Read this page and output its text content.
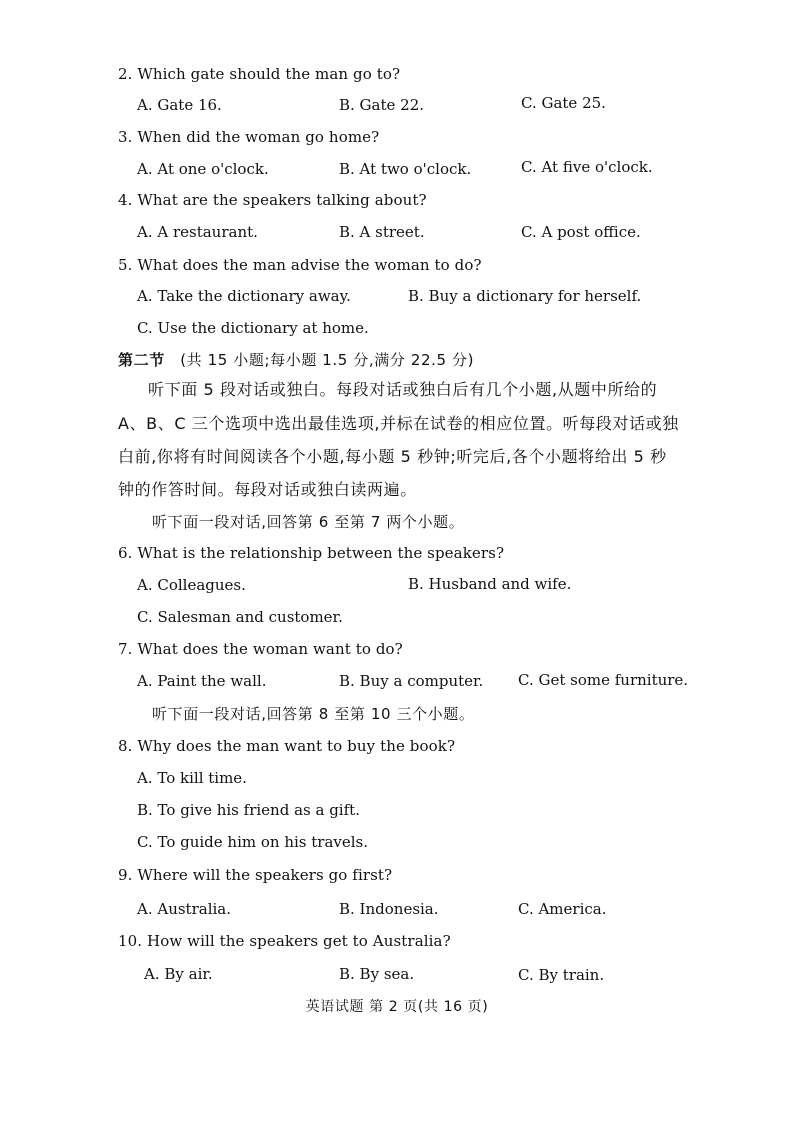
2. Which gate should the man go to?
A. Gate 16.	B. Gate 22.	C. Gate 25.
3. When did the woman go home?
A. At one o'clock.	B. At two o'clock.	C. At five o'clock.
4. What are the speakers talking about?
A. A restaurant.	B. A street.	C. A post office.
5. What does the man advise the woman to do?
A. Take the dictionary away.	B. Buy a dictionary for herself.
C. Use the dictionary at home.
第二节 (共 15 小题;每小题 1.5 分,满分 22.5 分)
听下面 5 段对话或独白。每段对话或独白后有几个小题,从题中所给的
A、B、C 三个选项中选出最佳选项,并标在试卷的相应位置。听每段对话或独
白前,你将有时间阅读各个小题,每小题 5 秒钟;听完后,各个小题将给出 5 秒
钟的作答时间。每段对话或独白读两遍。
听下面一段对话,回答第 6 至第 7 两个小题。
6. What is the relationship between the speakers?
A. Colleagues.	B. Husband and wife.
C. Salesman and customer.
7. What does the woman want to do?
A. Paint the wall.	B. Buy a computer. C. Get some furniture.
听下面一段对话,回答第 8 至第 10 三个小题。
8. Why does the man want to buy the book?
A. To kill time.
B. To give his friend as a gift.
C. To guide him on his travels.
9. Where will the speakers go first?
A. Australia.	B. Indonesia.	C. America.
10. How will the speakers get to Australia?
A. By air.	B. By sea.	C. By train.
英语试题 第 2 页(共 16 页)
